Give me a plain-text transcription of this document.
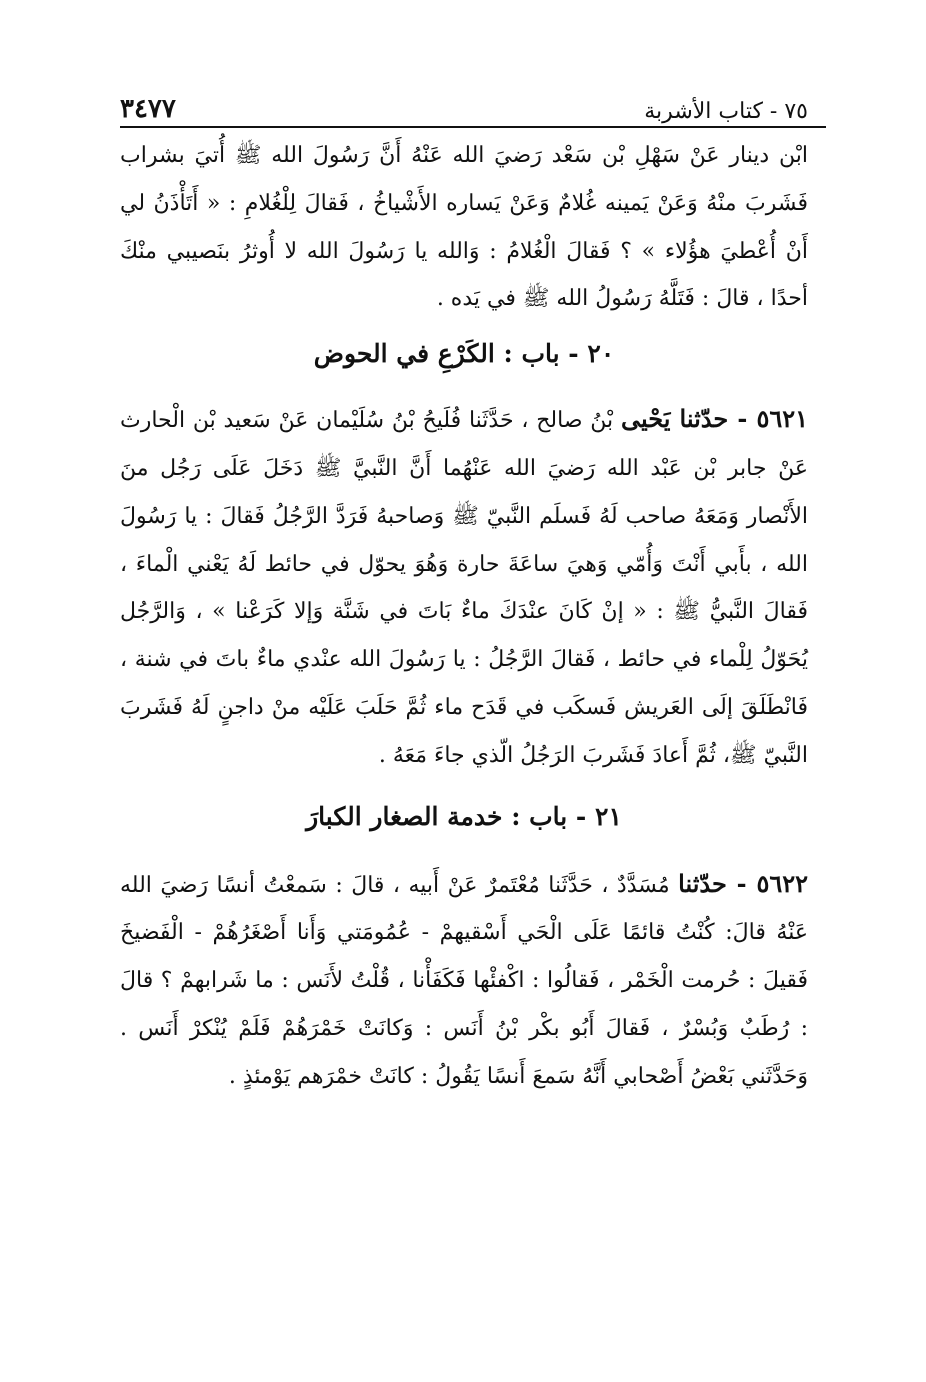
٧٥ - كتاب الأشربة
٣٤٧٧

ابْن دينار عَنْ سَهْلِ بْن سَعْد رَضيَ الله عَنْهُ أَنَّ رَسُولَ الله ﷺ أُتيَ بشراب فَشَربَ منْهُ وَعَنْ يَمينه غُلامٌ وَعَنْ يَساره الأَشْياخُ ، فَقالَ لِلْغُلامِ : « أَتَأْذَنُ لي أَنْ أُعْطيَ هؤُلاء » ؟ فَقالَ الْغُلامُ : وَالله يا رَسُولَ الله لا أُوثرُ بنَصيبي منْكَ أحدًا ، قالَ : فَتَلَّهُ رَسُولُ الله ﷺ في يَده .

٢٠ - باب : الكَرْعِ في الحوض

٥٦٢١ - حدّثنا يَحْيى بْنُ صالح ، حَدَّثَنا فُلَيحُ بْنُ سُلَيْمان عَنْ سَعيد بْن الْحارث عَنْ جابر بْن عَبْد الله رَضيَ الله عَنْهُما أَنَّ النَّبيَّ ﷺ دَخَلَ عَلَى رَجُل منَ الأَنْصار وَمَعَهُ صاحب لَهُ فَسلَم النَّبيّ ﷺ وَصاحبهُ فَرَدَّ الرَّجُلُ فَقالَ : يا رَسُولَ الله ، بأَبي أَنْتَ وَأُمّي وَهيَ ساعَةَ حارة وَهُوَ يحوّل في حائط لَهُ يَعْني الْماءَ ، فَقالَ النَّبيُّ ﷺ : « إنْ كَانَ عنْدَكَ ماءٌ بَاتَ في شَنَّة وَإلا كَرَعْنا » ، وَالرَّجُل يُحَوّلُ لِلْماء في حائط ، فَقالَ الرَّجُلُ : يا رَسُولَ الله عنْدي ماءٌ باتَ في شنة ، فَانْطَلَقَ إلَى العَريش فَسكَب في قَدَح ماء ثُمَّ حَلَبَ عَلَيْه منْ داجنٍ لَهُ فَشَربَ النَّبيّ ﷺ، ثُمَّ أَعادَ فَشَربَ الرَجُلُ الّذي جاءَ مَعَهُ .

٢١ - باب : خدمة الصغار الكبارَ

٥٦٢٢ - حدّثنا مُسَدَّدٌ ، حَدَّثَنا مُعْتَمرٌ عَنْ أَبيه ، قالَ : سَمعْتُ أنسًا رَضيَ الله عَنْهُ قالَ: كُنْتُ قائمًا عَلَى الْحَي أَسْقيهمْ - عُمُومَتي وَأَنا أَصْغَرُهُمْ - الْفَضيخَ فَقيلَ : حُرمت الْخَمْر ، فَقالُوا : اكْفئْها فَكَفَأْنا ، قُلْتُ لأَنَس : ما شَرابهمْ ؟ قالَ : رُطَبٌ وَبُسْرٌ ، فَقالَ أَبُو بكْر بْنُ أَنَس : وَكانَتْ خَمْرَهُمْ فَلَمْ يُنْكرْ أَنَس . وَحَدَّثَني بَعْضُ أَصْحابي أَنَّهُ سَمعَ أَنسًا يَقُولُ : كانَتْ خمْرَهم يَوْمئذٍ .
